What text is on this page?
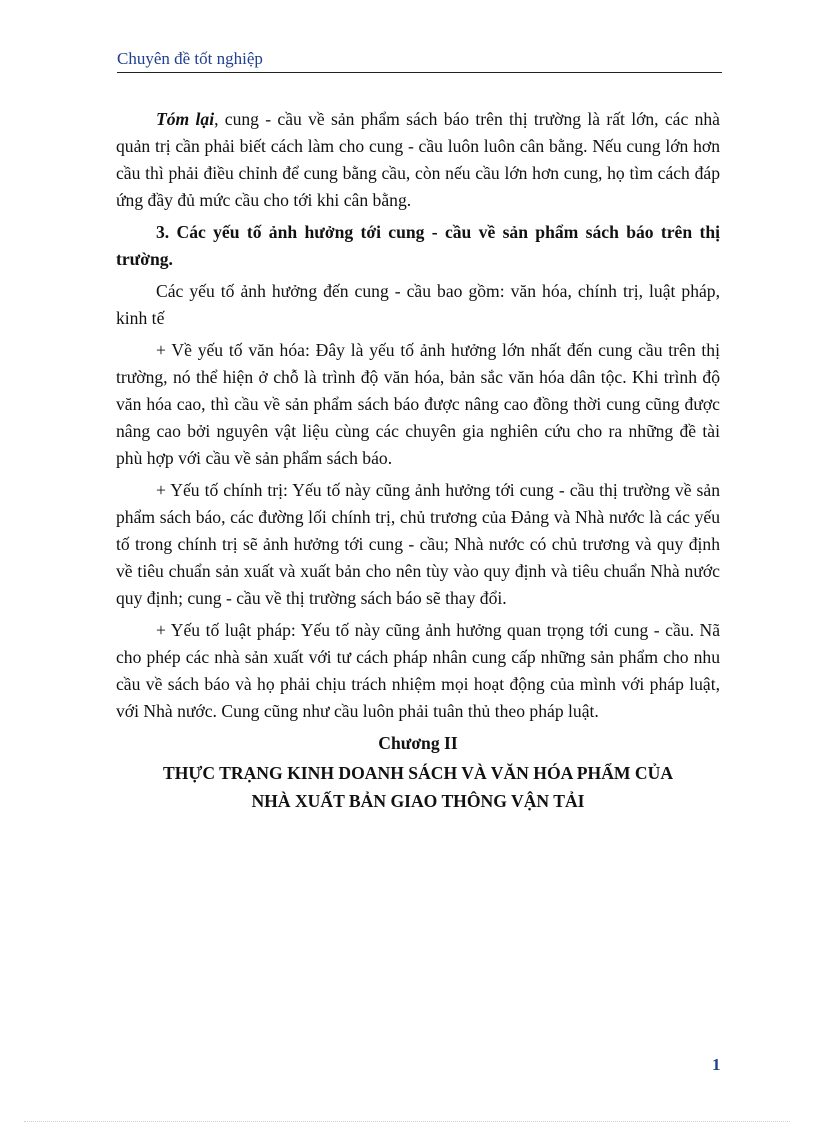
Chuyên đề tốt nghiệp

Tóm lại, cung - cầu về sản phẩm sách báo trên thị trường là rất lớn, các nhà quản trị cần phải biết cách làm cho cung - cầu luôn luôn cân bằng. Nếu cung lớn hơn cầu thì phải điều chỉnh để cung bằng cầu, còn nếu cầu lớn hơn cung, họ tìm cách đáp ứng đầy đủ mức cầu cho tới khi cân bằng.

3. Các yếu tố ảnh hưởng tới cung - cầu về sản phẩm sách báo trên thị trường.

Các yếu tố ảnh hưởng đến cung - cầu bao gồm: văn hóa, chính trị, luật pháp, kinh tế

+ Về yếu tố văn hóa: Đây là yếu tố ảnh hưởng lớn nhất đến cung cầu trên thị trường, nó thể hiện ở chỗ là trình độ văn hóa, bản sắc văn hóa dân tộc. Khi trình độ văn hóa cao, thì cầu về sản phẩm sách báo được nâng cao đồng thời cung cũng được nâng cao bởi nguyên vật liệu cùng các chuyên gia nghiên cứu cho ra những đề tài phù hợp với cầu về sản phẩm sách báo.

+ Yếu tố chính trị: Yếu tố này cũng ảnh hưởng tới cung - cầu thị trường về sản phẩm sách báo, các đường lối chính trị, chủ trương của Đảng và Nhà nước là các yếu tố trong chính trị sẽ ảnh hưởng tới cung - cầu; Nhà nước có chủ trương và quy định về tiêu chuẩn sản xuất và xuất bản cho nên tùy vào quy định và tiêu chuẩn Nhà nước quy định; cung - cầu về thị trường sách báo sẽ thay đổi.

+ Yếu tố luật pháp: Yếu tố này cũng ảnh hưởng quan trọng tới cung - cầu. Nã cho phép các nhà sản xuất với tư cách pháp nhân cung cấp những sản phẩm cho nhu cầu về sách báo và họ phải chịu trách nhiệm mọi hoạt động của mình với pháp luật, với Nhà nước. Cung cũng như cầu luôn phải tuân thủ theo pháp luật.

Chương II
THỰC TRẠNG KINH DOANH SÁCH VÀ VĂN HÓA PHẨM CỦA
NHÀ XUẤT BẢN GIAO THÔNG VẬN TẢI
1
